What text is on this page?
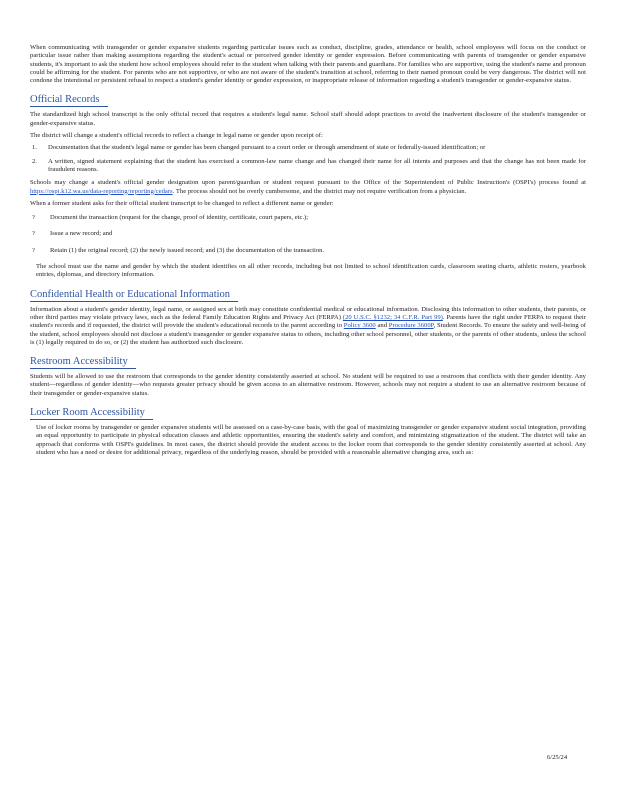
When communicating with transgender or gender expansive students regarding particular issues such as conduct, discipline, grades, attendance or health, school employees will focus on the conduct or particular issue rather than making assumptions regarding the student's actual or perceived gender identity or gender expression. Before communicating with parents of transgender or gender expansive students, it's important to ask the student how school employees should refer to the student when talking with their parents and guardians. For families who are supportive, using the student's name and pronoun could be affirming for the student. For parents who are not supportive, or who are not aware of the student's transition at school, referring to their named pronoun could be very dangerous. The district will not condone the intentional or persistent refusal to respect a student's gender identity or gender expression, or inappropriate release of information regarding a student's transgender or gender-expansive status.

Official Records

The standardized high school transcript is the only official record that requires a student's legal name. School staff should adopt practices to avoid the inadvertent disclosure of the student's transgender or gender-expansive status.

The district will change a student's official records to reflect a change in legal name or gender upon receipt of:

1.	Documentation that the student's legal name or gender has been changed pursuant to a court order or through amendment of state or federally-issued identification; or
2.	A written, signed statement explaining that the student has exercised a common-law name change and has changed their name for all intents and purposes and that the change has not been made for fraudulent reasons.

Schools may change a student's official gender designation upon parent/guardian or student request pursuant to the Office of the Superintendent of Public Instruction's (OSPI's) process found at https://ospi.k12.wa.us/data-reporting/reporting/cedars. The process should not be overly cumbersome, and the district may not require verification from a physician.

When a former student asks for their official student transcript to be changed to reflect a different name or gender:

?	Document the transaction (request for the change, proof of identity, certificate, court papers, etc.);
?	Issue a new record; and
?	Retain (1) the original record; (2) the newly issued record; and (3) the documentation of the transaction.

The school must use the name and gender by which the student identifies on all other records, including but not limited to school identification cards, classroom seating charts, athletic rosters, yearbook entries, diplomas, and directory information.

Confidential Health or Educational Information

Information about a student's gender identity, legal name, or assigned sex at birth may constitute confidential medical or educational information. Disclosing this information to other students, their parents, or other third parties may violate privacy laws, such as the federal Family Education Rights and Privacy Act (FERPA) (20 U.S.C. §1232; 34 C.F.R. Part 99). Parents have the right under FERPA to request their student's records and if requested, the district will provide the student's educational records to the parent according to Policy 3600 and Procedure 3600P, Student Records. To ensure the safety and well-being of the student, school employees should not disclose a student's transgender or gender expansive status to others, including other school personnel, other students, or the parents of other students, unless the school is (1) legally required to do so, or (2) the student has authorized such disclosure.

Restroom Accessibility

Students will be allowed to use the restroom that corresponds to the gender identity consistently asserted at school. No student will be required to use a restroom that conflicts with their gender identity. Any student—regardless of gender identity—who requests greater privacy should be given access to an alternative restroom. However, schools may not require a student to use an alternative restroom because of their transgender or gender-expansive status.

Locker Room Accessibility

Use of locker rooms by transgender or gender expansive students will be assessed on a case-by-case basis, with the goal of maximizing transgender or gender expansive student social integration, providing an equal opportunity to participate in physical education classes and athletic opportunities, ensuring the student's safety and comfort, and minimizing stigmatization of the student. The district will take an approach that conforms with OSPI's guidelines. In most cases, the district should provide the student access to the locker room that corresponds to the gender identity consistently asserted at school. Any student who has a need or desire for additional privacy, regardless of the underlying reason, should be provided with a reasonable alternative changing area, such as:

6/25/24
